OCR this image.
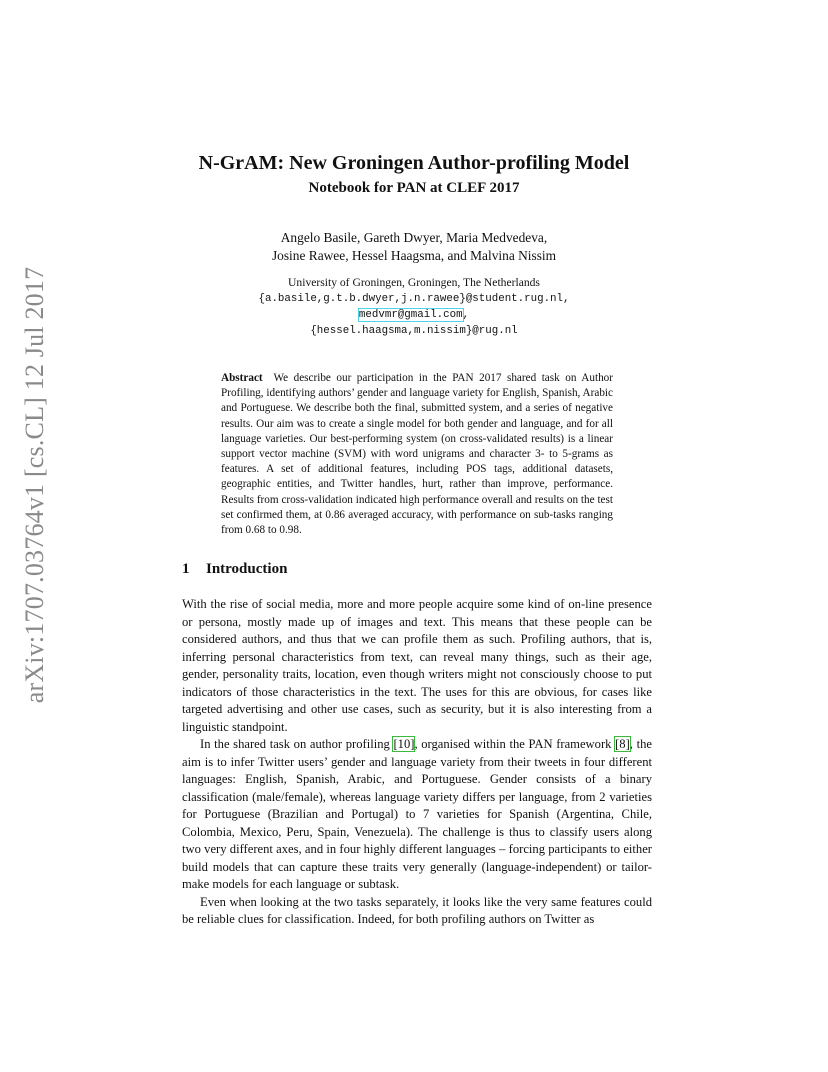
arXiv:1707.03764v1 [cs.CL] 12 Jul 2017
N-GrAM: New Groningen Author-profiling Model
Notebook for PAN at CLEF 2017
Angelo Basile, Gareth Dwyer, Maria Medvedeva,
Josine Rawee, Hessel Haagsma, and Malvina Nissim
University of Groningen, Groningen, The Netherlands
{a.basile,g.t.b.dwyer,j.n.rawee}@student.rug.nl,
medvmr@gmail.com,
{hessel.haagsma,m.nissim}@rug.nl
Abstract We describe our participation in the PAN 2017 shared task on Author Profiling, identifying authors’ gender and language variety for English, Spanish, Arabic and Portuguese. We describe both the final, submitted system, and a series of negative results. Our aim was to create a single model for both gender and language, and for all language varieties. Our best-performing system (on cross-validated results) is a linear support vector machine (SVM) with word unigrams and character 3- to 5-grams as features. A set of additional features, including POS tags, additional datasets, geographic entities, and Twitter handles, hurt, rather than improve, performance. Results from cross-validation indicated high performance overall and results on the test set confirmed them, at 0.86 averaged accuracy, with performance on sub-tasks ranging from 0.68 to 0.98.
1 Introduction

With the rise of social media, more and more people acquire some kind of on-line presence or persona, mostly made up of images and text. This means that these people can be considered authors, and thus that we can profile them as such. Profiling authors, that is, inferring personal characteristics from text, can reveal many things, such as their age, gender, personality traits, location, even though writers might not consciously choose to put indicators of those characteristics in the text. The uses for this are obvious, for cases like targeted advertising and other use cases, such as security, but it is also interesting from a linguistic standpoint.

In the shared task on author profiling [10], organised within the PAN framework [8], the aim is to infer Twitter users’ gender and language variety from their tweets in four different languages: English, Spanish, Arabic, and Portuguese. Gender consists of a binary classification (male/female), whereas language variety differs per language, from 2 varieties for Portuguese (Brazilian and Portugal) to 7 varieties for Spanish (Argentina, Chile, Colombia, Mexico, Peru, Spain, Venezuela). The challenge is thus to classify users along two very different axes, and in four highly different languages – forcing participants to either build models that can capture these traits very generally (language-independent) or tailor-make models for each language or subtask.

Even when looking at the two tasks separately, it looks like the very same features could be reliable clues for classification. Indeed, for both profiling authors on Twitter as
